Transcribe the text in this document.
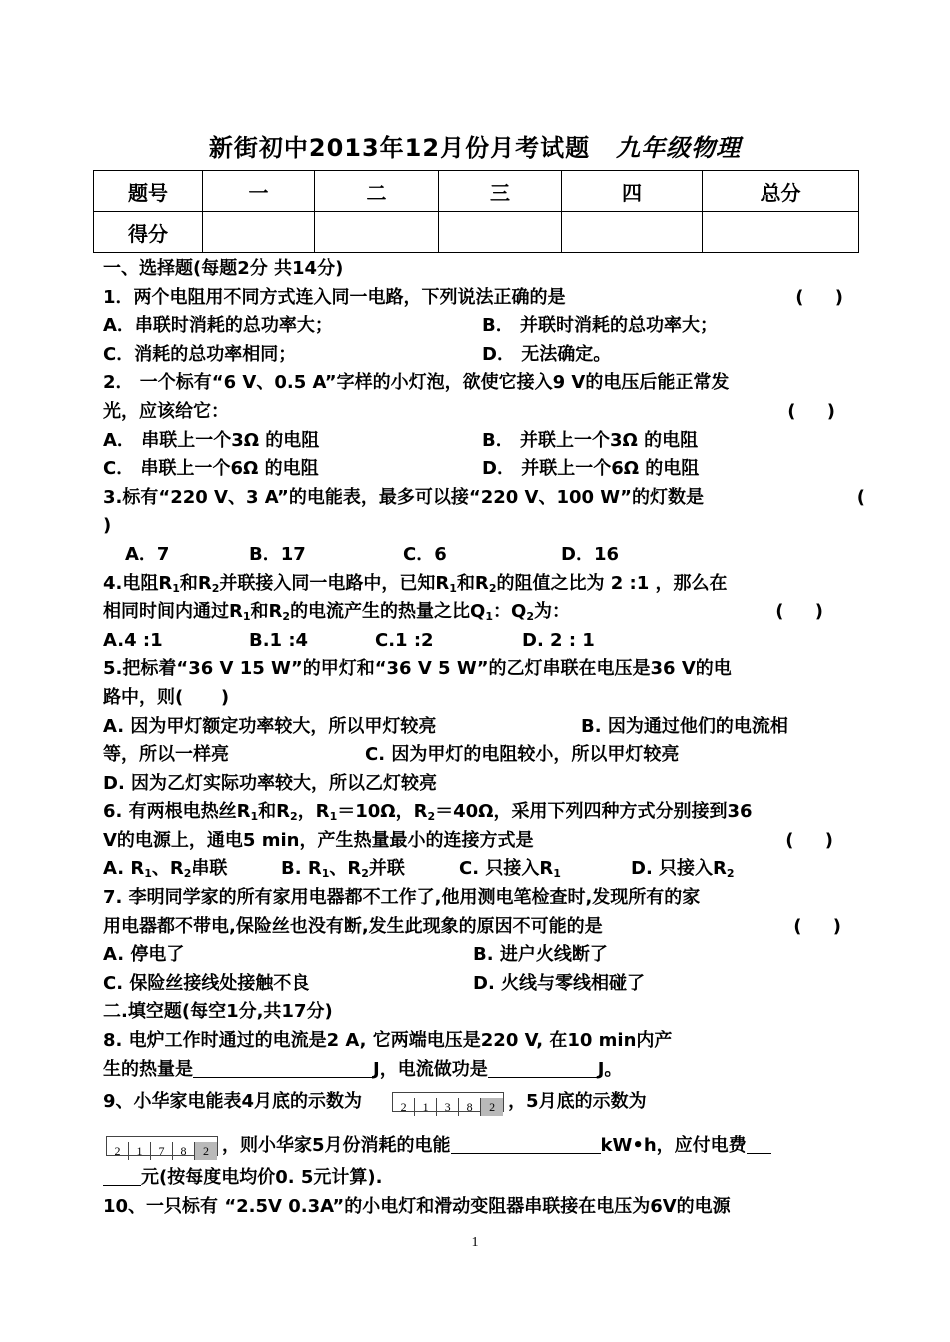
新街初中2013年12月份月考试题 九年级物理
题号	一	二	三	四	总分
得分					
一、选择题(每题2分 共14分)
1．两个电阻用不同方式连入同一电路，下列说法正确的是	(     )
A．串联时消耗的总功率大；	B． 并联时消耗的总功率大；
C．消耗的总功率相同；	D． 无法确定。
2． 一个标有“6 V、0.5 A”字样的小灯泡，欲使它接入9 V的电压后能正常发
光，应该给它：	(     )
A． 串联上一个3Ω 的电阻	B． 并联上一个3Ω 的电阻
C． 串联上一个6Ω 的电阻	D． 并联上一个6Ω 的电阻
3.标有“220 V、3 A”的电能表，最多可以接“220 V、100 W”的灯数是	(
)
A．7	B．17	C．6	D．16
4.电阻$R_1$和$R_2$并联接入同一电路中，已知$R_1$和$R_2$的阻值之比为 2 :1 ，那么在
相同时间内通过$R_1$和$R_2$的电流产生的热量之比$Q_1$：$Q_2$为：	(     )
A.4 :1	B.1 :4	C.1 :2	D. 2 : 1
5.把标着“36 V 15 W”的甲灯和“36 V 5 W”的乙灯串联在电压是36 V的电
路中，则(      )
A. 因为甲灯额定功率较大，所以甲灯较亮	B. 因为通过他们的电流相
等，所以一样亮	C. 因为甲灯的电阻较小，所以甲灯较亮
D. 因为乙灯实际功率较大，所以乙灯较亮
6. 有两根电热丝$R_1$和$R_2$，$R_1=10\Omega$，$R_2=40\Omega$，采用下列四种方式分别接到36
V的电源上，通电5 min，产生热量最小的连接方式是	(     )
A. $R_1$、$R_2$串联	B. $R_1$、$R_2$并联	C. 只接入$R_1$	D. 只接入$R_2$
7. 李明同学家的所有家用电器都不工作了,他用测电笔检查时,发现所有的家
用电器都不带电,保险丝也没有断,发生此现象的原因不可能的是	(     )
A. 停电了	B. 进户火线断了
C. 保险丝接线处接触不良	D. 火线与零线相碰了
二.填空题(每空1分,共17分)
8. 电炉工作时通过的电流是2 A, 它两端电压是220 V, 在10 min内产
生的热量是	J，电流做功是	J。
9、小华家电能表4月底的示数为	2 1 3 8 2 ，5月底的示数为
2 1 7 8 2 ，则小华家5月份消耗的电能	kW•h，应付电费
元(按每度电均价0. 5元计算).
10、一只标有 “2.5V 0.3A”的小电灯和滑动变阻器串联接在电压为6V的电源
1
